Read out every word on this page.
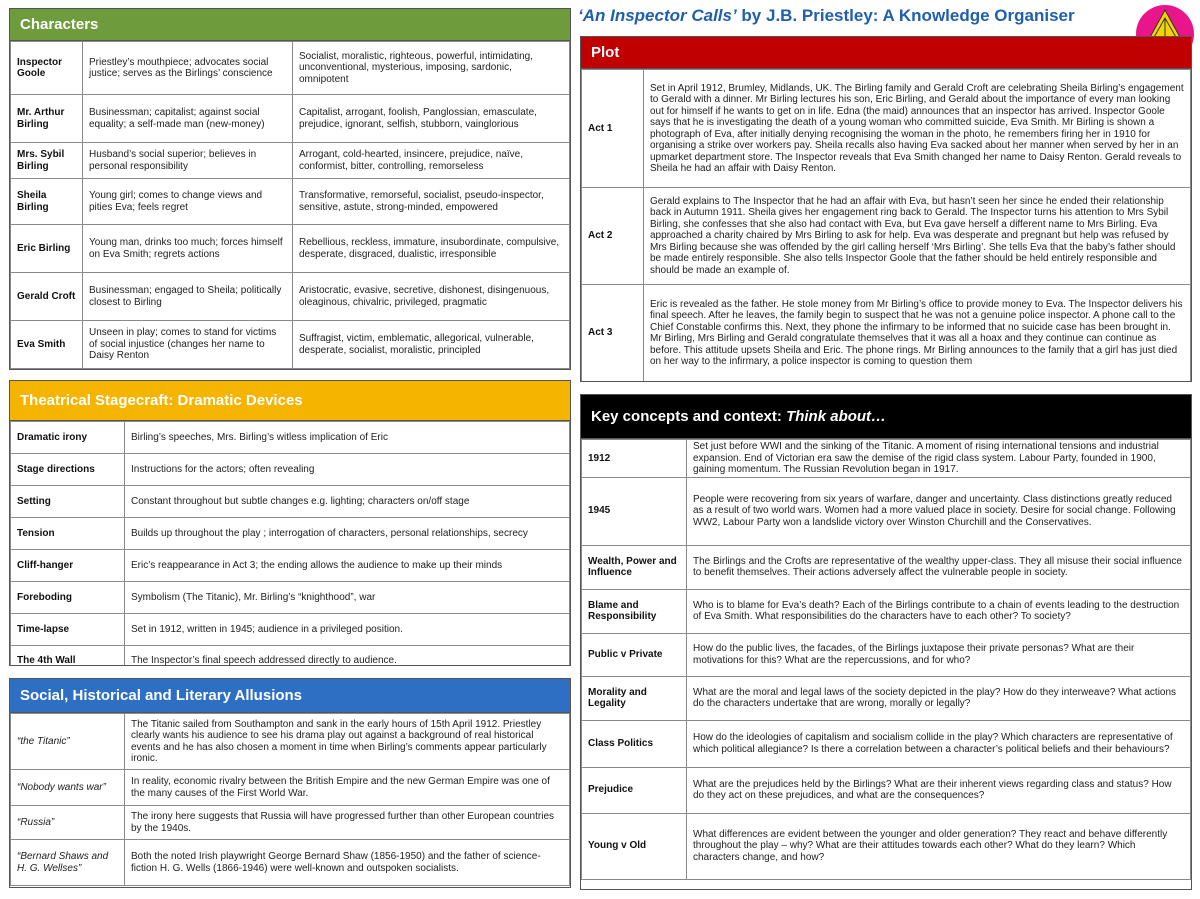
‘An Inspector Calls’ by J.B. Priestley: A Knowledge Organiser
Characters
Inspector Goole	Priestley’s mouthpiece; advocates social justice; serves as the Birlings’ conscience	Socialist, moralistic, righteous, powerful, intimidating, unconventional, mysterious, imposing, sardonic, omnipotent
Mr. Arthur Birling	Businessman; capitalist; against social equality; a self-made man (new-money)	Capitalist, arrogant, foolish, Panglossian, emasculate, prejudice, ignorant, selfish, stubborn, vainglorious
Mrs. Sybil Birling	Husband’s social superior; believes in personal responsibility	Arrogant, cold-hearted, insincere, prejudice, naïve, conformist, bitter, controlling, remorseless
Sheila Birling	Young girl; comes to change views and pities Eva; feels regret	Transformative, remorseful, socialist, pseudo-inspector, sensitive, astute, strong-minded, empowered
Eric Birling	Young man, drinks too much; forces himself on Eva Smith; regrets actions	Rebellious, reckless, immature, insubordinate, compulsive, desperate, disgraced, dualistic, irresponsible
Gerald Croft	Businessman; engaged to Sheila; politically closest to Birling	Aristocratic, evasive, secretive, dishonest, disingenuous, oleaginous, chivalric, privileged, pragmatic
Eva Smith	Unseen in play; comes to stand for victims of social injustice (changes her name to Daisy Renton	Suffragist, victim, emblematic, allegorical, vulnerable, desperate, socialist, moralistic, principled
Theatrical Stagecraft: Dramatic Devices
Dramatic irony	Birling’s speeches, Mrs. Birling’s witless implication of Eric
Stage directions	Instructions for the actors; often revealing
Setting	Constant throughout but subtle changes e.g. lighting; characters on/off stage
Tension	Builds up throughout the play ; interrogation of characters, personal relationships, secrecy
Cliff-hanger	Eric’s reappearance in Act 3; the ending allows the audience to make up their minds
Foreboding	Symbolism (The Titanic), Mr. Birling’s “knighthood”, war
Time-lapse	Set in 1912, written in 1945; audience in a privileged position.
The 4th Wall	The Inspector’s final speech addressed directly to audience.
Social, Historical and Literary Allusions
“the Titanic”	The Titanic sailed from Southampton and sank in the early hours of 15th April 1912. Priestley clearly wants his audience to see his drama play out against a background of real historical events and he has also chosen a moment in time when Birling’s comments appear particularly ironic.
“Nobody wants war”	In reality, economic rivalry between the British Empire and the new German Empire was one of the many causes of the First World War.
“Russia”	The irony here suggests that Russia will have progressed further than other European countries by the 1940s.
“Bernard Shaws and H. G. Wellses”	Both the noted Irish playwright George Bernard Shaw (1856-1950) and the father of science-fiction H. G. Wells (1866-1946) were well-known and outspoken socialists.
Plot
Act 1	Set in April 1912, Brumley, Midlands, UK. The Birling family and Gerald Croft are celebrating Sheila Birling’s engagement to Gerald with a dinner. Mr Birling lectures his son, Eric Birling, and Gerald about the importance of every man looking out for himself if he wants to get on in life. Edna (the maid) announces that an inspector has arrived. Inspector Goole says that he is investigating the death of a young woman who committed suicide, Eva Smith. Mr Birling is shown a photograph of Eva, after initially denying recognising the woman in the photo, he remembers firing her in 1910 for organising a strike over workers pay. Sheila recalls also having Eva sacked about her manner when served by her in an upmarket department store. The Inspector reveals that Eva Smith changed her name to Daisy Renton. Gerald reveals to Sheila he had an affair with Daisy Renton.
Act 2	Gerald explains to The Inspector that he had an affair with Eva, but hasn’t seen her since he ended their relationship back in Autumn 1911. Sheila gives her engagement ring back to Gerald. The Inspector turns his attention to Mrs Sybil Birling, she confesses that she also had contact with Eva, but Eva gave herself a different name to Mrs Birling. Eva approached a charity chaired by Mrs Birling to ask for help. Eva was desperate and pregnant but help was refused by Mrs Birling because she was offended by the girl calling herself ‘Mrs Birling’. She tells Eva that the baby’s father should be made entirely responsible. She also tells Inspector Goole that the father should be held entirely responsible and should be made an example of.
Act 3	Eric is revealed as the father. He stole money from Mr Birling’s office to provide money to Eva. The Inspector delivers his final speech. After he leaves, the family begin to suspect that he was not a genuine police inspector. A phone call to the Chief Constable confirms this. Next, they phone the infirmary to be informed that no suicide case has been brought in. Mr Birling, Mrs Birling and Gerald congratulate themselves that it was all a hoax and they continue can continue as before. This attitude upsets Sheila and Eric. The phone rings. Mr Birling announces to the family that a girl has just died on her way to the infirmary, a police inspector is coming to question them
Key concepts and context:
Think about…
1912	Set just before WWI and the sinking of the Titanic. A moment of rising international tensions and industrial expansion. End of Victorian era saw the demise of the rigid class system. Labour Party, founded in 1900, gaining momentum. The Russian Revolution began in 1917.
1945	People were recovering from six years of warfare, danger and uncertainty. Class distinctions greatly reduced as a result of two world wars. Women had a more valued place in society. Desire for social change. Following WW2, Labour Party won a landslide victory over Winston Churchill and the Conservatives.
Wealth, Power and Influence	The Birlings and the Crofts are representative of the wealthy upper-class. They all misuse their social influence to benefit themselves. Their actions adversely affect the vulnerable people in society.
Blame and Responsibility	Who is to blame for Eva’s death? Each of the Birlings contribute to a chain of events leading to the destruction of Eva Smith. What responsibilities do the characters have to each other? To society?
Public v Private	How do the public lives, the facades, of the Birlings juxtapose their private personas? What are their motivations for this? What are the repercussions, and for who?
Morality and Legality	What are the moral and legal laws of the society depicted in the play? How do they interweave? What actions do the characters undertake that are wrong, morally or legally?
Class Politics	How do the ideologies of capitalism and socialism collide in the play? Which characters are representative of which political allegiance? Is there a correlation between a character’s political beliefs and their behaviours?
Prejudice	What are the prejudices held by the Birlings? What are their inherent views regarding class and status? How do they act on these prejudices, and what are the consequences?
Young v Old	What differences are evident between the younger and older generation? They react and behave differently throughout the play – why? What are their attitudes towards each other? What do they learn? Which characters change, and how?
